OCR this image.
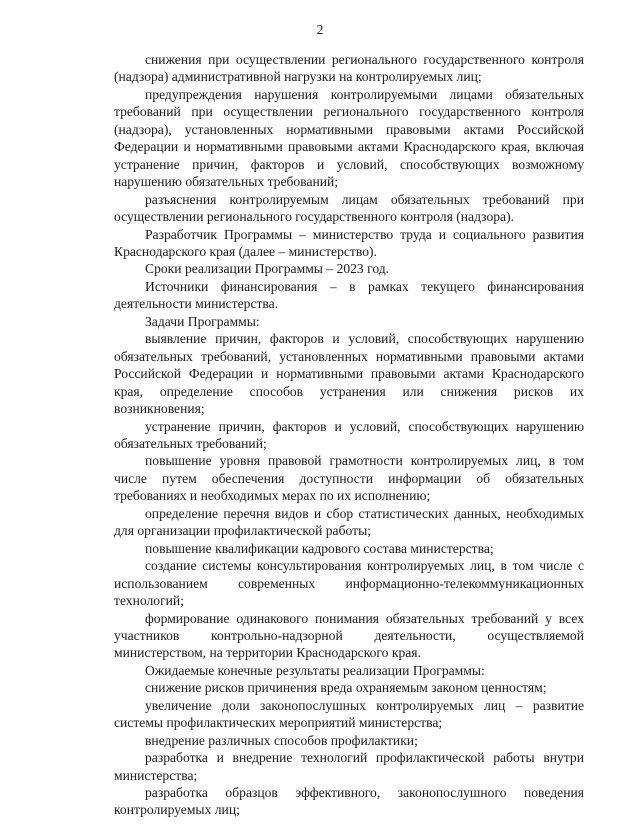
2

снижения при осуществлении регионального государственного контроля (надзора) административной нагрузки на контролируемых лиц;

предупреждения нарушения контролируемыми лицами обязательных требований при осуществлении регионального государственного контроля (надзора), установленных нормативными правовыми актами Российской Федерации и нормативными правовыми актами Краснодарского края, включая устранение причин, факторов и условий, способствующих возможному нарушению обязательных требований;

разъяснения контролируемым лицам обязательных требований при осуществлении регионального государственного контроля (надзора).

Разработчик Программы – министерство труда и социального развития Краснодарского края (далее – министерство).

Сроки реализации Программы – 2023 год.

Источники финансирования – в рамках текущего финансирования деятельности министерства.

Задачи Программы:

выявление причин, факторов и условий, способствующих нарушению обязательных требований, установленных нормативными правовыми актами Российской Федерации и нормативными правовыми актами Краснодарского края, определение способов устранения или снижения рисков их возникновения;

устранение причин, факторов и условий, способствующих нарушению обязательных требований;

повышение уровня правовой грамотности контролируемых лиц, в том числе путем обеспечения доступности информации об обязательных требованиях и необходимых мерах по их исполнению;

определение перечня видов и сбор статистических данных, необходимых для организации профилактической работы;

повышение квалификации кадрового состава министерства;

создание системы консультирования контролируемых лиц, в том числе с использованием современных информационно-телекоммуникационных технологий;

формирование одинакового понимания обязательных требований у всех участников контрольно-надзорной деятельности, осуществляемой министерством, на территории Краснодарского края.

Ожидаемые конечные результаты реализации Программы:

снижение рисков причинения вреда охраняемым законом ценностям;

увеличение доли законопослушных контролируемых лиц – развитие системы профилактических мероприятий министерства;

внедрение различных способов профилактики;

разработка и внедрение технологий профилактической работы внутри министерства;

разработка образцов эффективного, законопослушного поведения контролируемых лиц;
